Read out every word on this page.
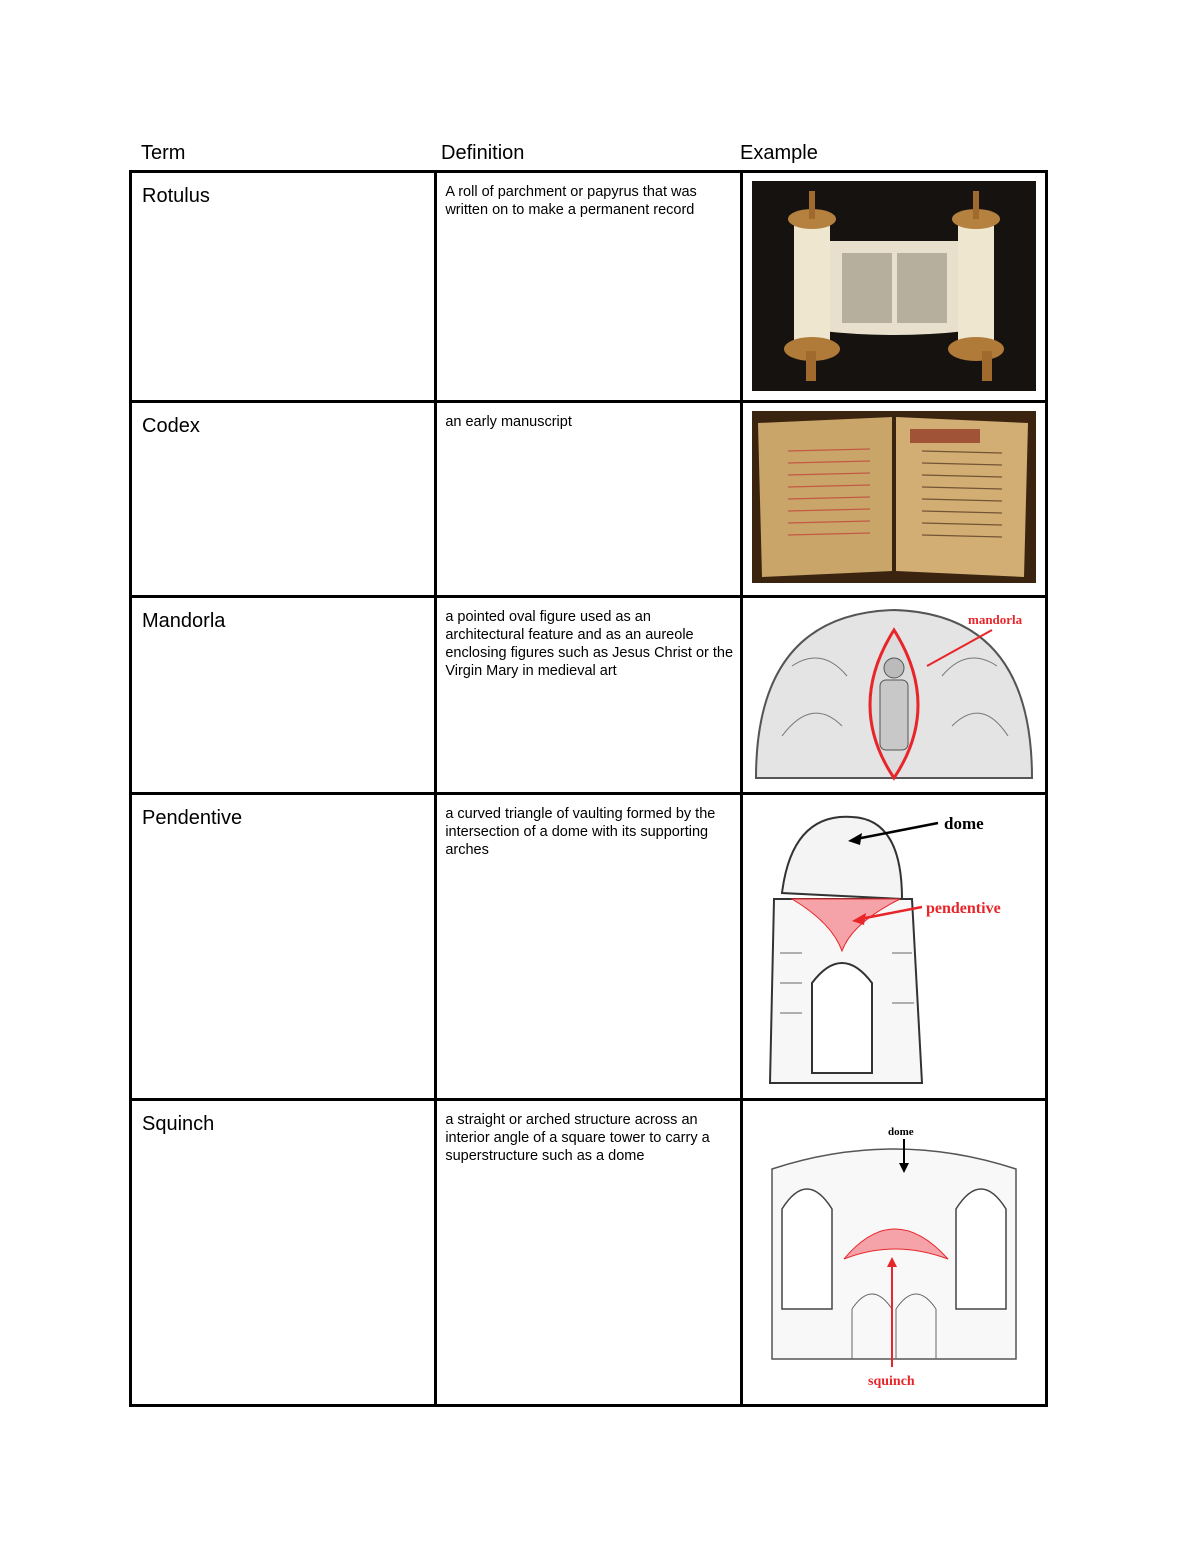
Term	Definition	Example
Rotulus	A roll of parchment or papyrus that was written on to make a permanent record

Codex	an early manuscript

Mandorla	a pointed oval figure used as an architectural feature and as an aureole enclosing figures such as Jesus Christ or the Virgin Mary in medieval art	mandorla

Pendentive	a curved triangle of vaulting formed by the intersection of a dome with its supporting arches	dome
pendentive

Squinch	a straight or arched structure across an interior angle of a square tower to carry a superstructure such as a dome	dome
squinch
